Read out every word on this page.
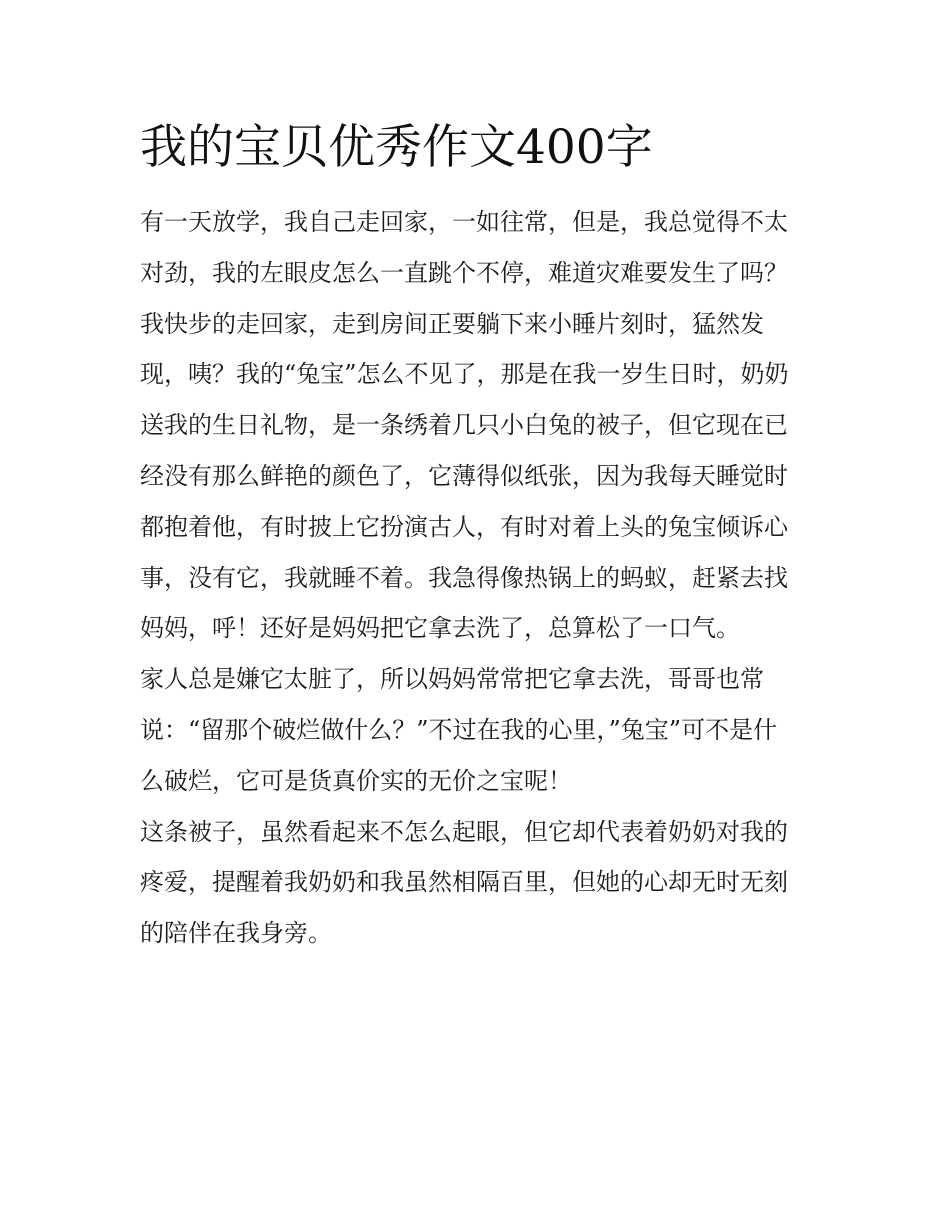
我的宝贝优秀作文400字
有一天放学，我自己走回家，一如往常，但是，我总觉得不太
对劲，我的左眼皮怎么一直跳个不停，难道灾难要发生了吗？
我快步的走回家，走到房间正要躺下来小睡片刻时，猛然发
现，咦？我的“兔宝”怎么不见了，那是在我一岁生日时，奶奶
送我的生日礼物，是一条绣着几只小白兔的被子，但它现在已
经没有那么鲜艳的颜色了，它薄得似纸张，因为我每天睡觉时
都抱着他，有时披上它扮演古人，有时对着上头的兔宝倾诉心
事，没有它，我就睡不着。我急得像热锅上的蚂蚁，赶紧去找
妈妈，呼！还好是妈妈把它拿去洗了，总算松了一口气。
家人总是嫌它太脏了，所以妈妈常常把它拿去洗，哥哥也常
说：“留那个破烂做什么？”不过在我的心里，”兔宝”可不是什
么破烂，它可是货真价实的无价之宝呢！
这条被子，虽然看起来不怎么起眼，但它却代表着奶奶对我的
疼爱，提醒着我奶奶和我虽然相隔百里，但她的心却无时无刻
的陪伴在我身旁。
